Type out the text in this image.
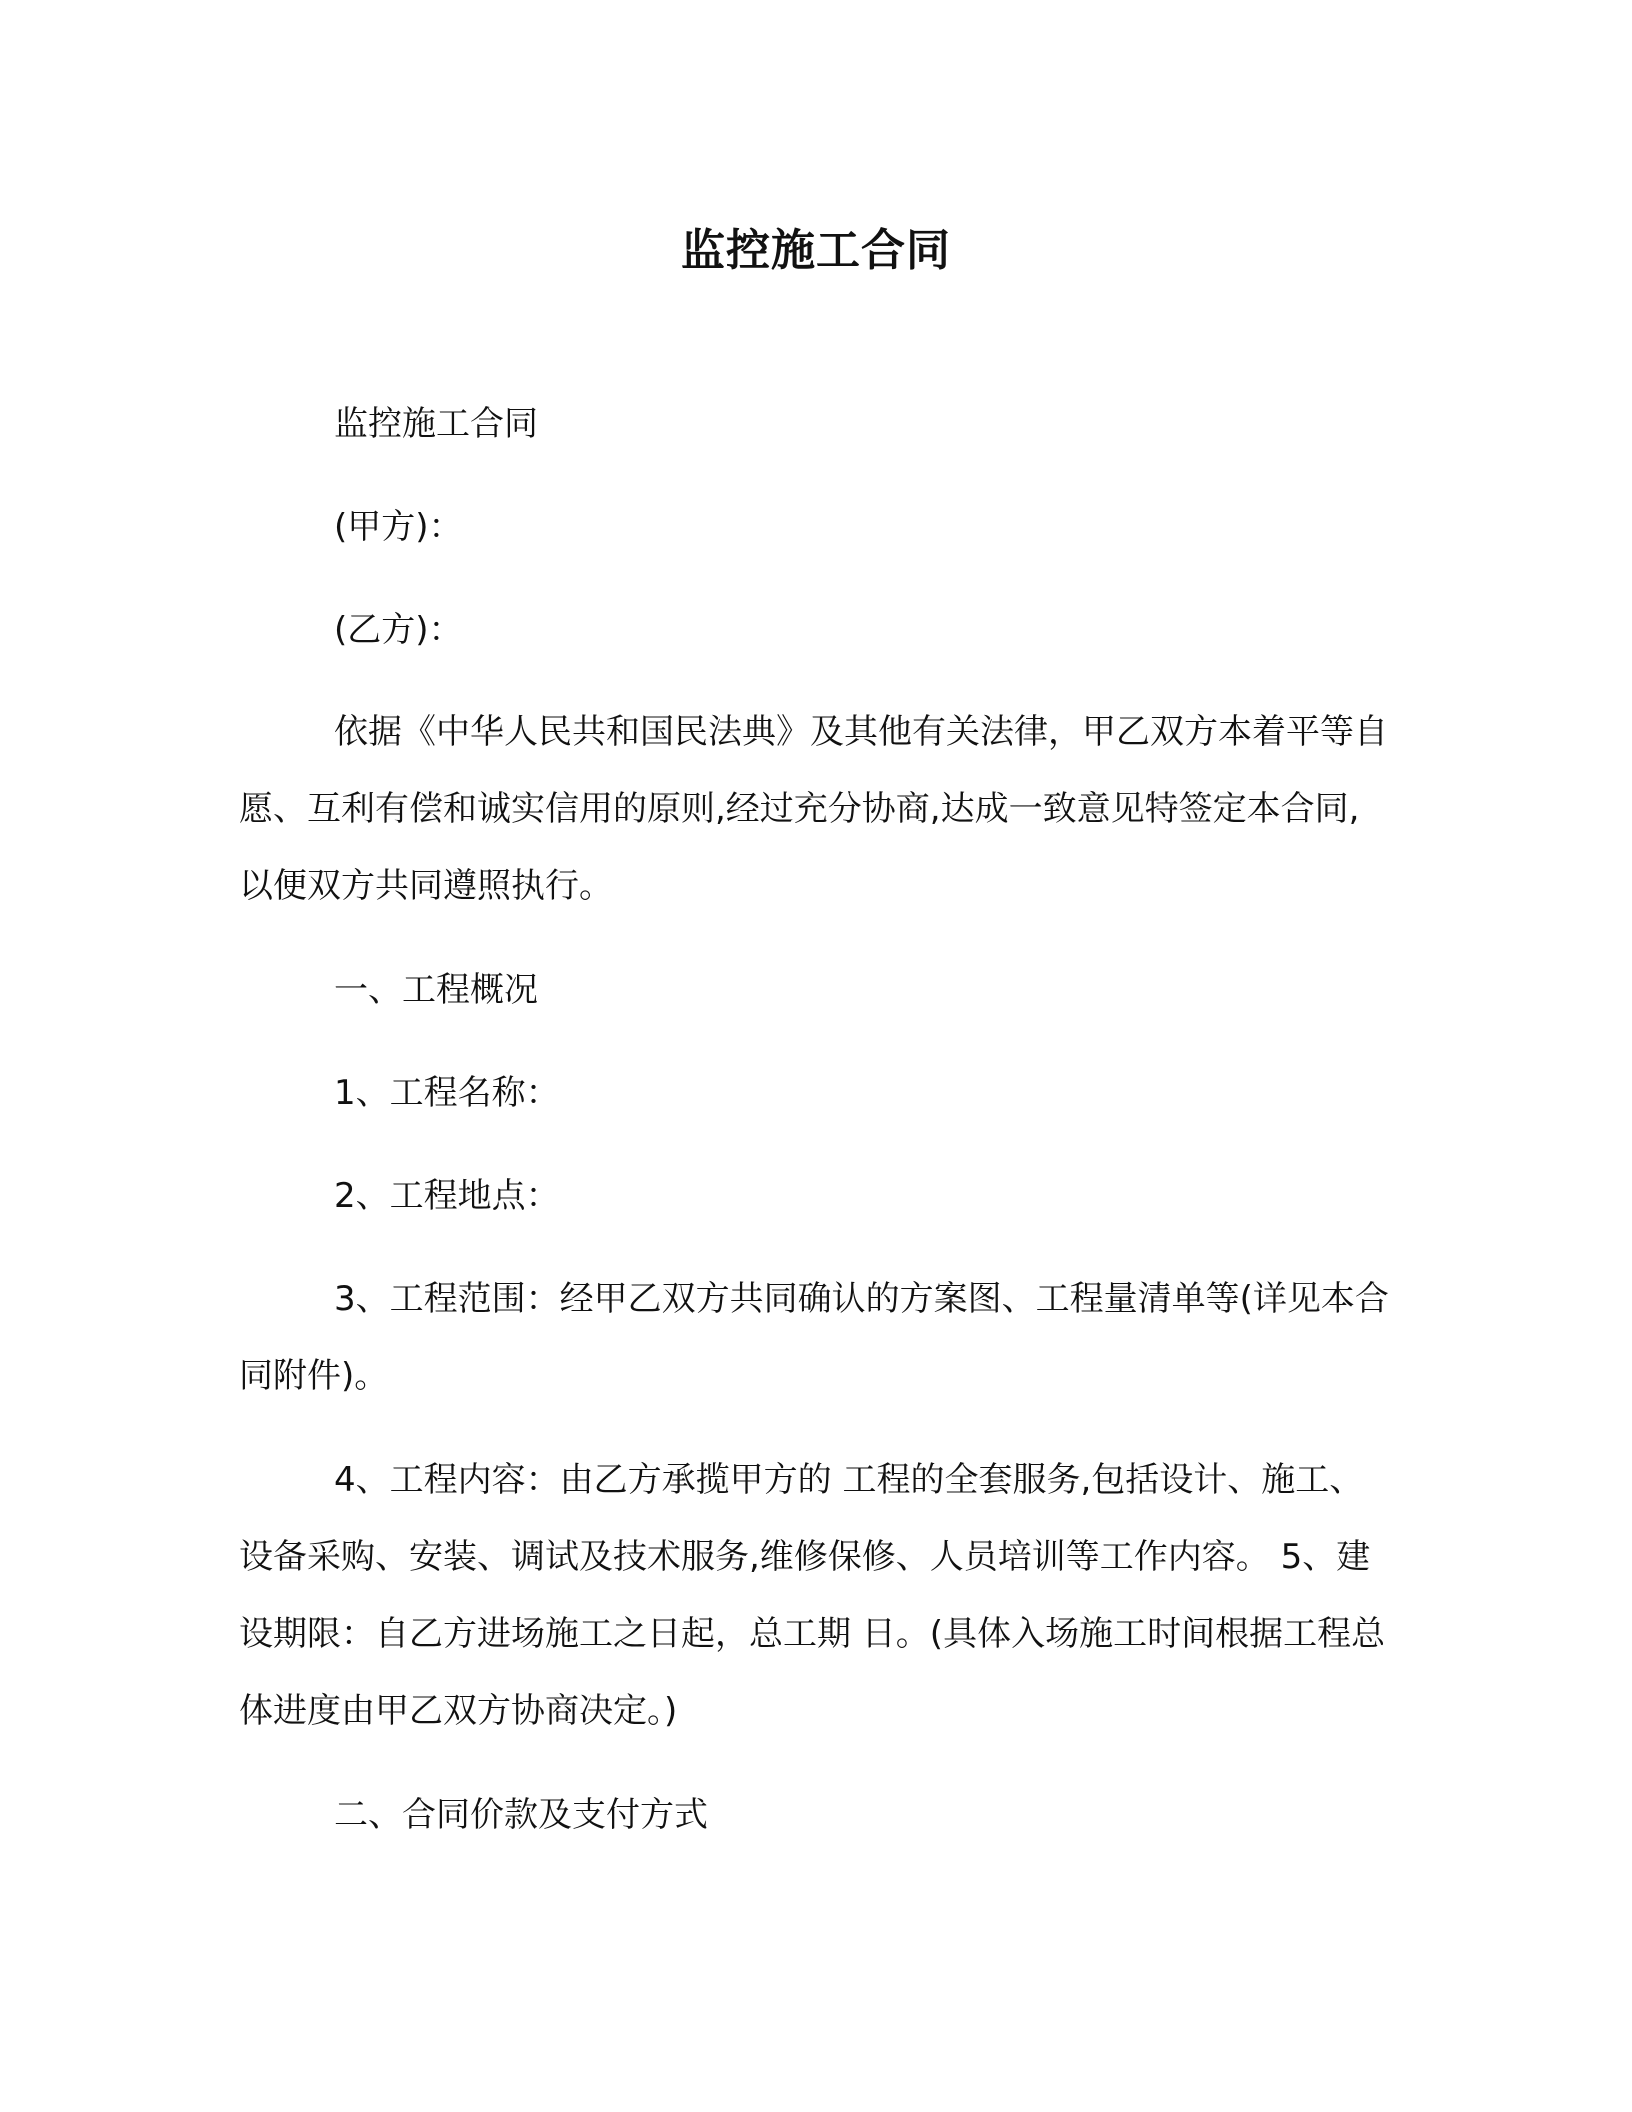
监控施工合同

监控施工合同

(甲方)：

(乙方)：

依据《中华人民共和国民法典》及其他有关法律，甲乙双方本着平等自愿、互利有偿和诚实信用的原则,经过充分协商,达成一致意见特签定本合同,以便双方共同遵照执行。

一、工程概况

1、工程名称：

2、工程地点：

3、工程范围：经甲乙双方共同确认的方案图、工程量清单等(详见本合同附件)。

4、工程内容：由乙方承揽甲方的 工程的全套服务,包括设计、施工、设备采购、安装、调试及技术服务,维修保修、人员培训等工作内容。 5、建设期限：自乙方进场施工之日起，总工期 日。(具体入场施工时间根据工程总体进度由甲乙双方协商决定。)

二、合同价款及支付方式
